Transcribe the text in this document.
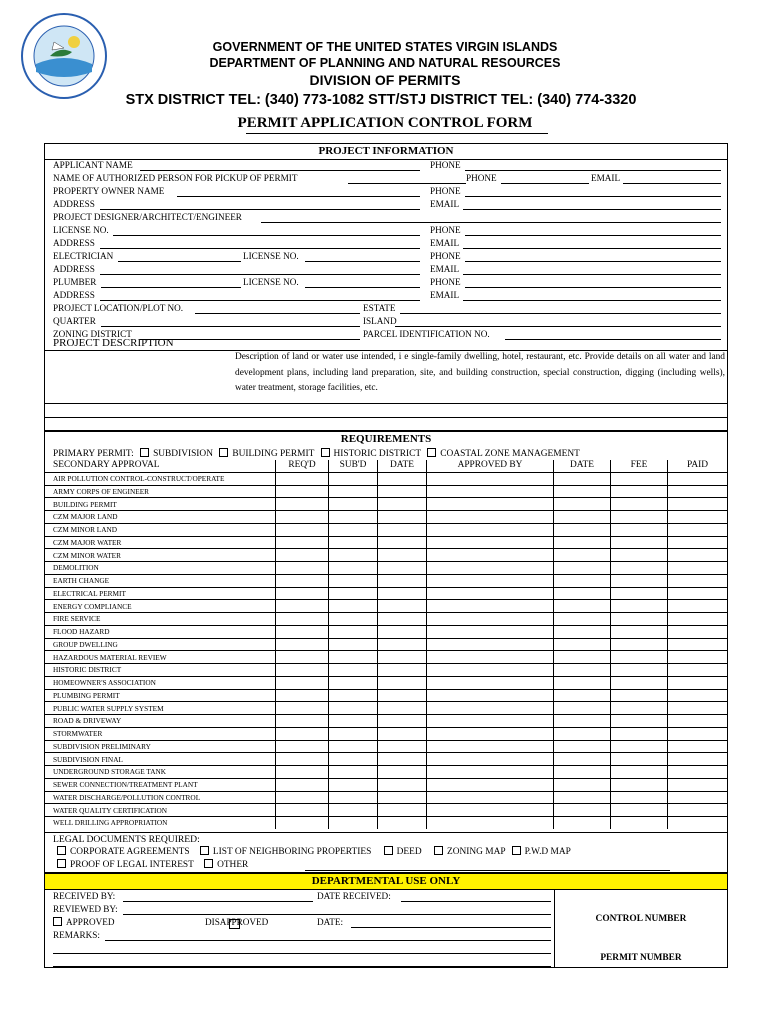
GOVERNMENT OF THE UNITED STATES VIRGIN ISLANDS
DEPARTMENT OF PLANNING AND NATURAL RESOURCES
DIVISION OF PERMITS
STX DISTRICT TEL: (340) 773-1082 STT/STJ DISTRICT TEL: (340) 774-3320
PERMIT APPLICATION CONTROL FORM
PROJECT INFORMATION
APPLICANT NAME	PHONE
NAME OF AUTHORIZED PERSON FOR PICKUP OF PERMIT	PHONE	EMAIL
PROPERTY OWNER NAME	PHONE
ADDRESS	EMAIL
PROJECT DESIGNER/ARCHITECT/ENGINEER
LICENSE NO.	PHONE
ADDRESS	EMAIL
ELECTRICIAN	LICENSE NO.	PHONE
ADDRESS	EMAIL
PLUMBER	LICENSE NO.	PHONE
ADDRESS	EMAIL
PROJECT LOCATION/PLOT NO.	ESTATE
QUARTER	ISLAND
ZONING DISTRICT	PARCEL IDENTIFICATION NO.
PROJECT DESCRIPTION
Description of land or water use intended, i e single-family dwelling, hotel, restaurant, etc. Provide details on all water and land development plans, including land preparation, site, and building construction, special construction, digging (including wells), water treatment, storage facilities, etc.
REQUIREMENTS
PRIMARY PERMIT: SUBDIVISION BUILDING PERMIT HISTORIC DISTRICT COASTAL ZONE MANAGEMENT
SECONDARY APPROVAL	REQ'D	SUB'D	DATE	APPROVED BY	DATE	FEE	PAID
AIR POLLUTION CONTROL-CONSTRUCT/OPERATE							
ARMY CORPS OF ENGINEER							
BUILDING PERMIT							
CZM MAJOR LAND							
CZM MINOR LAND							
CZM MAJOR WATER							
CZM MINOR WATER							
DEMOLITION							
EARTH CHANGE							
ELECTRICAL PERMIT							
ENERGY COMPLIANCE							
FIRE SERVICE							
FLOOD HAZARD							
GROUP DWELLING							
HAZARDOUS MATERIAL REVIEW							
HISTORIC DISTRICT							
HOMEOWNER'S ASSOCIATION							
PLUMBING PERMIT							
PUBLIC WATER SUPPLY SYSTEM							
ROAD & DRIVEWAY							
STORMWATER							
SUBDIVISION PRELIMINARY							
SUBDIVISION FINAL							
UNDERGROUND STORAGE TANK							
SEWER CONNECTION/TREATMENT PLANT							
WATER DISCHARGE/POLLUTION CONTROL							
WATER QUALITY CERTIFICATION							
WELL DRILLING APPROPRIATION							
LEGAL DOCUMENTS REQUIRED:
CORPORATE AGREEMENTS LIST OF NEIGHBORING PROPERTIES	DEED	ZONING MAP P.W.D MAP
PROOF OF LEGAL INTEREST OTHER
DEPARTMENTAL USE ONLY
RECEIVED BY:	DATE RECEIVED:
REVIEWED BY:
APPROVED	DISAPPROVED	DATE:
REMARKS:
CONTROL NUMBER
PERMIT NUMBER
